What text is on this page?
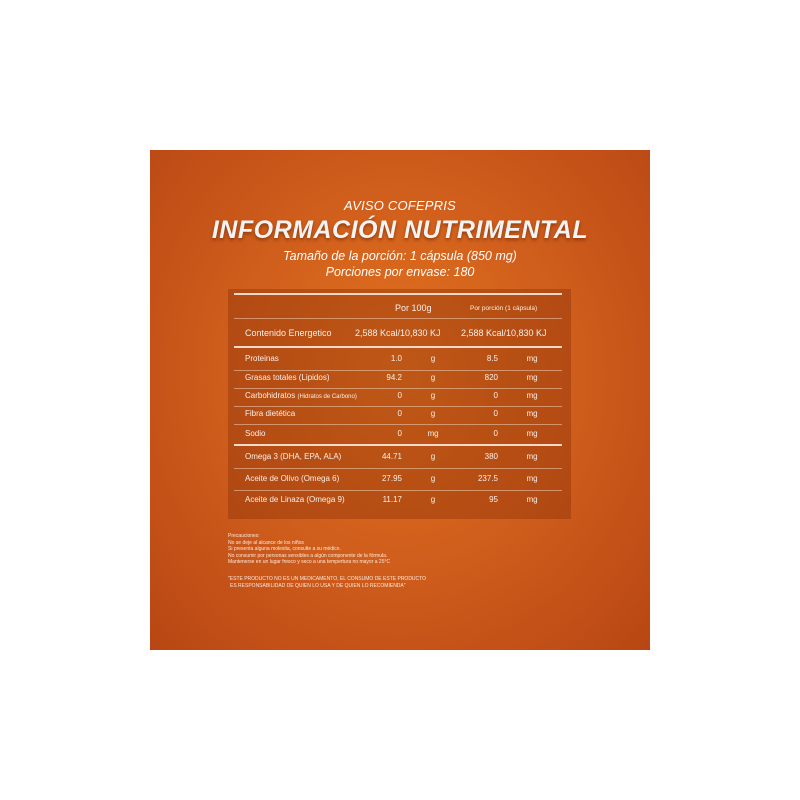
AVISO COFEPRIS
INFORMACIÓN NUTRIMENTAL
Tamaño de la porción: 1 cápsula (850 mg)
Porciones por envase: 180
Por 100g	Por porción (1 cápsula)
Contenido Energetico	2,588 Kcal/10,830 KJ 2,588 Kcal/10,830 KJ
Proteinas	1.0	g	8.5	mg
Grasas totales (Lipidos)	94.2	g	820	mg
Carbohidratos (Hidratos de Carbono)	0	g	0	mg
Fibra dietética	0	g	0	mg
Sodio	0	mg	0	mg
Omega 3 (DHA, EPA, ALA)	44.71	g	380	mg
Aceite de Olivo (Omega 6)	27.95	g	237.5	mg
Aceite de Linaza (Omega 9)	11.17	g	95	mg
Precauciones:
No se deje al alcance de los niños
Si presenta alguna molestia, consulte a su médico.
No consumir por personas sensibles a algún componente de la fórmula.
Mantenerse en un lugar fresco y seco a una tempertura no mayor a 25°C
"ESTE PRODUCTO NO ES UN MEDICAMENTO, EL CONSUMO DE ESTE PRODUCTO
ES RESPONSABILIDAD DE QUIEN LO USA Y DE QUIEN LO RECOMIENDA"
